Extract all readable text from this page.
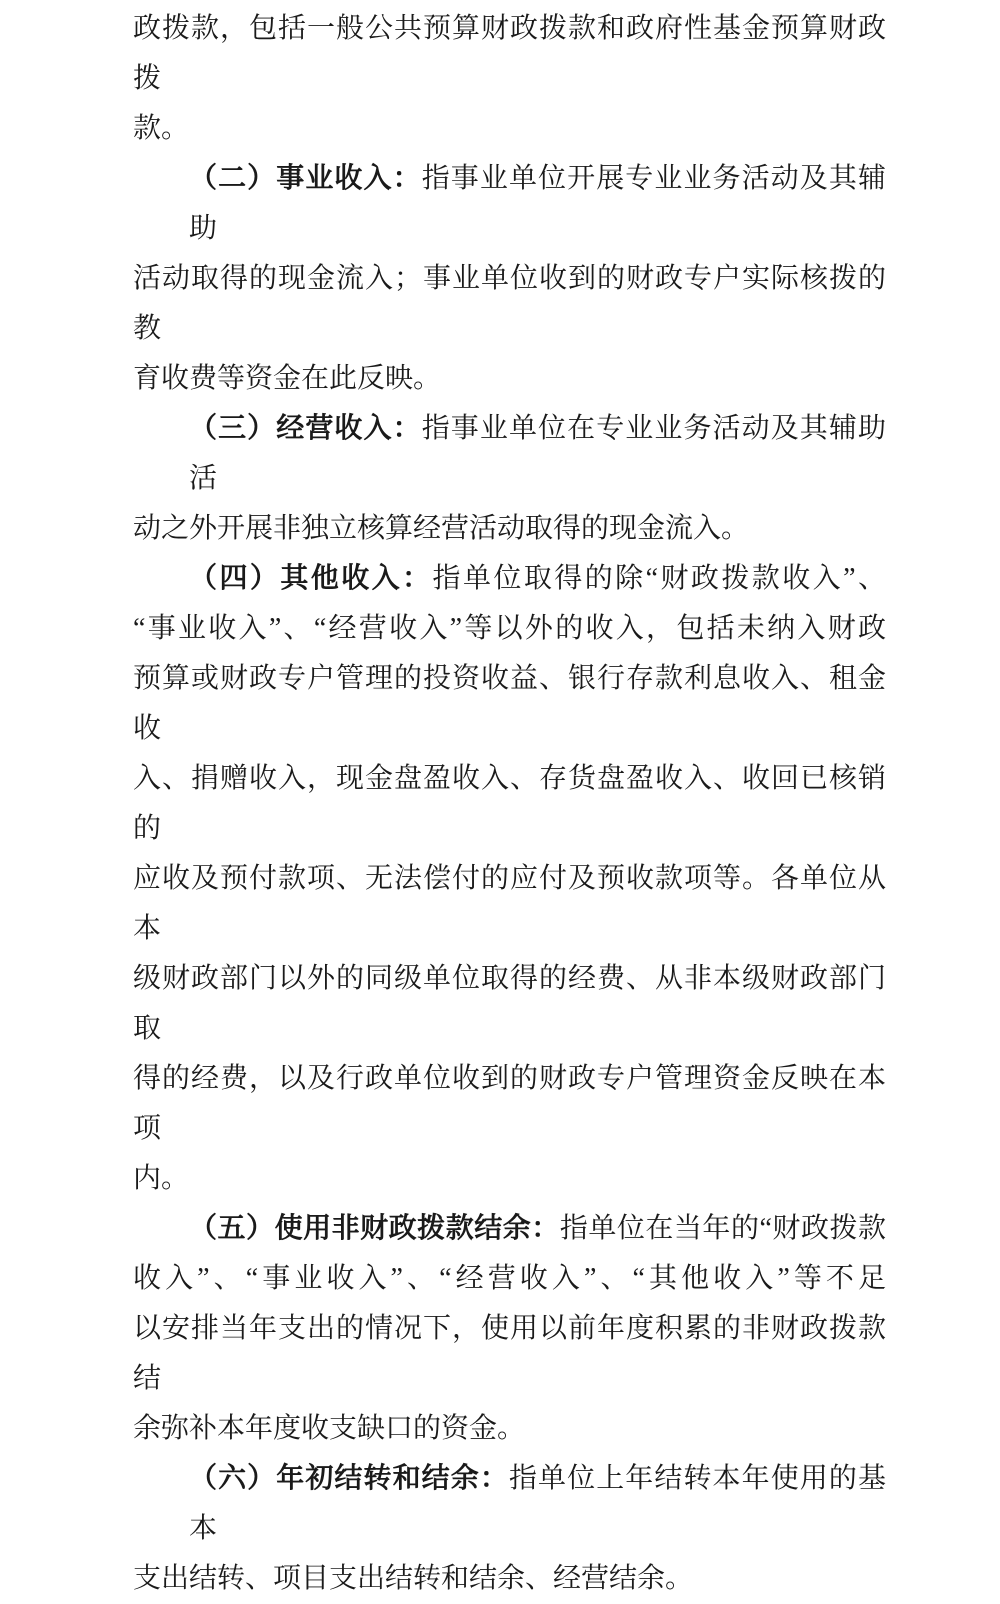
政拨款，包括一般公共预算财政拨款和政府性基金预算财政拨
款。
（二）事业收入：指事业单位开展专业业务活动及其辅助
活动取得的现金流入；事业单位收到的财政专户实际核拨的教
育收费等资金在此反映。
（三）经营收入：指事业单位在专业业务活动及其辅助活
动之外开展非独立核算经营活动取得的现金流入。
（四）其他收入：指单位取得的除“财政拨款收入”、
“事业收入”、“经营收入”等以外的收入，包括未纳入财政
预算或财政专户管理的投资收益、银行存款利息收入、租金收
入、捐赠收入，现金盘盈收入、存货盘盈收入、收回已核销的
应收及预付款项、无法偿付的应付及预收款项等。各单位从本
级财政部门以外的同级单位取得的经费、从非本级财政部门取
得的经费，以及行政单位收到的财政专户管理资金反映在本项
内。
（五）使用非财政拨款结余：指单位在当年的“财政拨款
收入”、“事业收入”、“经营收入”、“其他收入”等不足
以安排当年支出的情况下，使用以前年度积累的非财政拨款结
余弥补本年度收支缺口的资金。
（六）年初结转和结余：指单位上年结转本年使用的基本
支出结转、项目支出结转和结余、经营结余。
